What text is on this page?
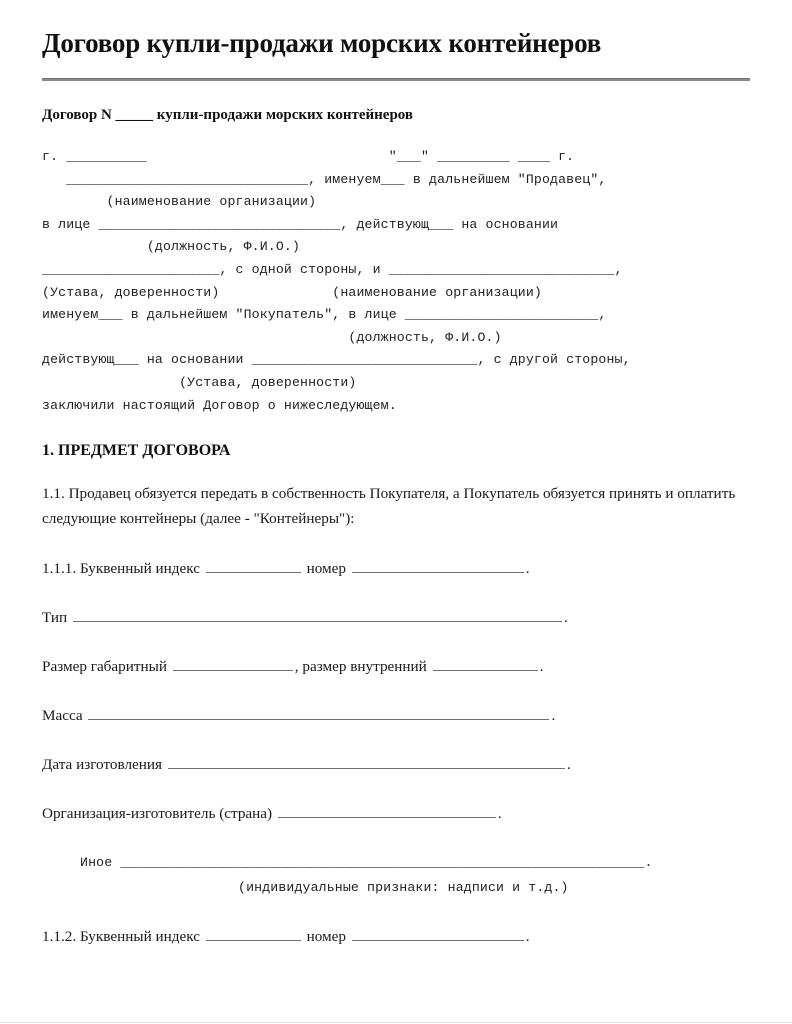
Договор купли-продажи морских контейнеров
Договор N _____ купли-продажи морских контейнеров
г. __________                              "___" _________ ____ г.
______________________________, именуем___ в дальнейшем "Продавец",
(наименование организации)
в лице ______________________________, действующ___ на основании
(должность, Ф.И.О.)
______________________, с одной стороны, и ____________________________,
(Устава, доверенности)              (наименование организации)
именуем___ в дальнейшем "Покупатель", в лице ________________________,
(должность, Ф.И.О.)
действующ___ на основании ____________________________, с другой стороны,
(Устава, доверенности)
заключили настоящий Договор о нижеследующем.
1. ПРЕДМЕТ ДОГОВОРА

1.1. Продавец обязуется передать в собственность Покупателя, а Покупатель обязуется принять и оплатить следующие контейнеры (далее - "Контейнеры"):

1.1.1. Буквенный индекс	номер	.

Тип	.

Размер габаритный	, размер внутренний	.

Масса	.

Дата изготовления	.

Организация-изготовитель (страна)	.

Иное _________________________________________________________________.
(индивидуальные признаки: надписи и т.д.)

1.1.2. Буквенный индекс	номер	.
